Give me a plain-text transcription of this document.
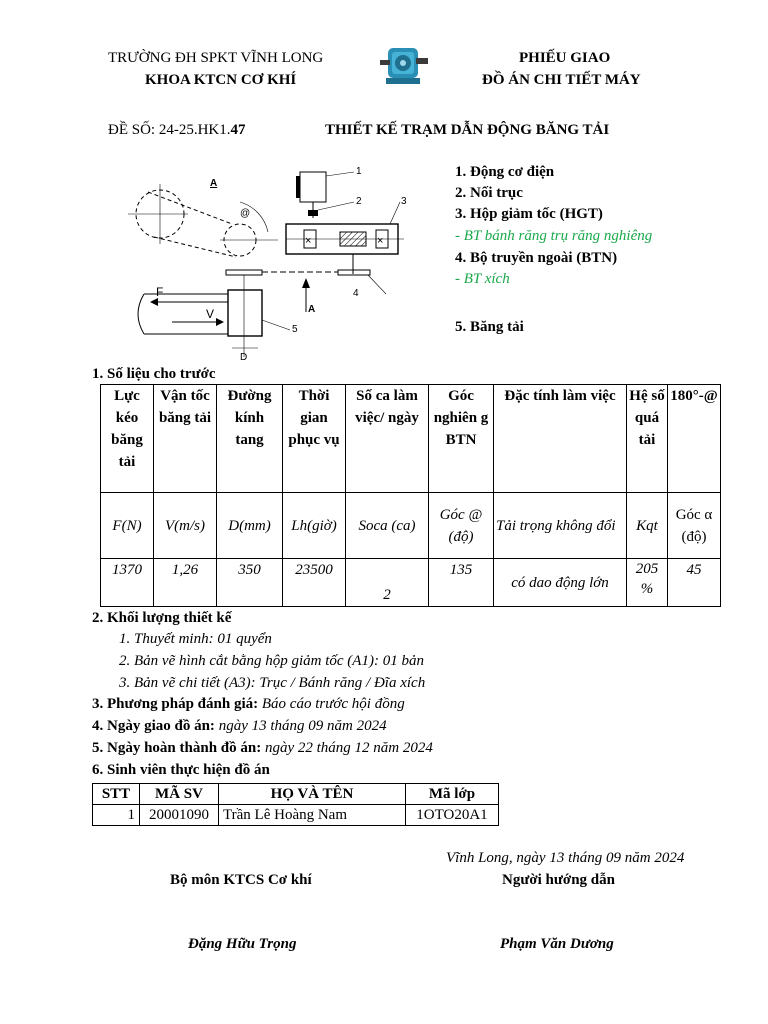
TRƯỜNG ĐH SPKT VĨNH LONG
KHOA KTCN CƠ KHÍ
PHIẾU GIAO
ĐỒ ÁN CHI TIẾT MÁY
ĐỀ SỐ: 24-25.HK1.47	THIẾT KẾ TRẠM DẪN ĐỘNG BĂNG TẢI
@
A
×	×
F
V
D
A
1
2	3
4
5
1. Động cơ điện
2. Nối trục
3. Hộp giảm tốc (HGT)
- BT bánh răng trụ răng nghiêng
4. Bộ truyền ngoài (BTN)
- BT xích
5. Băng tải
1. Số liệu cho trước
Lực kéo băng tải	Vận tốc băng tải	Đường kính tang	Thời gian phục vụ	Số ca làm việc/ ngày	Góc nghiên g BTN	Đặc tính làm việc	Hệ số quá tải	180°-@
F(N)	V(m/s)	D(mm)	Lh(giờ)	Soca (ca)	Góc @ (độ)	Tải trọng không đổi	Kqt	Góc α (độ)
1370	1,26	350	23500	2	135	có dao động lớn	205 %	45
2. Khối lượng thiết kế
1. Thuyết minh: 01 quyển
2. Bản vẽ hình cắt bằng hộp giảm tốc (A1): 01 bản
3. Bản vẽ chi tiết (A3): Trục / Bánh răng / Đĩa xích
3. Phương pháp đánh giá: Báo cáo trước hội đồng
4. Ngày giao đồ án: ngày 13 tháng 09 năm 2024
5. Ngày hoàn thành đồ án: ngày 22 tháng 12 năm 2024
6. Sinh viên thực hiện đồ án
STT	MÃ SV	HỌ VÀ TÊN	Mã lớp
1	20001090	Trần Lê Hoàng Nam	1OTO20A1
Vĩnh Long, ngày 13 tháng 09 năm 2024
Bộ môn KTCS Cơ khí	Người hướng dẫn
Đặng Hữu Trọng	Phạm Văn Dương
